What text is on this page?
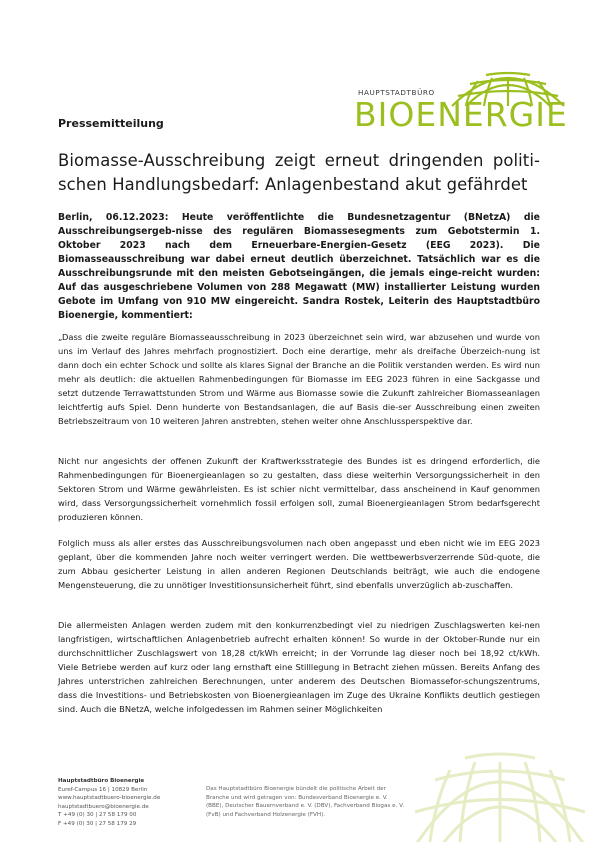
HAUPTSTADTBÜRO
BIOENERGIE
Pressemitteilung
Biomasse-Ausschreibung zeigt erneut dringenden politi-schen Handlungsbedarf: Anlagenbestand akut gefährdet
Berlin, 06.12.2023: Heute veröffentlichte die Bundesnetzagentur (BNetzA) die Ausschreibungsergeb-nisse des regulären Biomassesegments zum Gebotstermin 1. Oktober 2023 nach dem Erneuerbare-Energien-Gesetz (EEG 2023). Die Biomasseausschreibung war dabei erneut deutlich überzeichnet. Tatsächlich war es die Ausschreibungsrunde mit den meisten Gebotseingängen, die jemals einge-reicht wurden: Auf das ausgeschriebene Volumen von 288 Megawatt (MW) installierter Leistung wurden Gebote im Umfang von 910 MW eingereicht. Sandra Rostek, Leiterin des Hauptstadtbüro Bioenergie, kommentiert:

„Dass die zweite reguläre Biomasseausschreibung in 2023 überzeichnet sein wird, war abzusehen und wurde von uns im Verlauf des Jahres mehrfach prognostiziert. Doch eine derartige, mehr als dreifache Überzeich-nung ist dann doch ein echter Schock und sollte als klares Signal der Branche an die Politik verstanden werden. Es wird nun mehr als deutlich: die aktuellen Rahmenbedingungen für Biomasse im EEG 2023 führen in eine Sackgasse und setzt dutzende Terrawattstunden Strom und Wärme aus Biomasse sowie die Zukunft zahlreicher Biomasseanlagen leichtfertig aufs Spiel. Denn hunderte von Bestandsanlagen, die auf Basis die-ser Ausschreibung einen zweiten Betriebszeitraum von 10 weiteren Jahren anstrebten, stehen weiter ohne Anschlussperspektive dar.

Nicht nur angesichts der offenen Zukunft der Kraftwerksstrategie des Bundes ist es dringend erforderlich, die Rahmenbedingungen für Bioenergieanlagen so zu gestalten, dass diese weiterhin Versorgungssicherheit in den Sektoren Strom und Wärme gewährleisten. Es ist schier nicht vermittelbar, dass anscheinend in Kauf genommen wird, dass Versorgungssicherheit vornehmlich fossil erfolgen soll, zumal Bioenergieanlagen Strom bedarfsgerecht produzieren können.

Folglich muss als aller erstes das Ausschreibungsvolumen nach oben angepasst und eben nicht wie im EEG 2023 geplant, über die kommenden Jahre noch weiter verringert werden. Die wettbewerbsverzerrende Süd-quote, die zum Abbau gesicherter Leistung in allen anderen Regionen Deutschlands beiträgt, wie auch die endogene Mengensteuerung, die zu unnötiger Investitionsunsicherheit führt, sind ebenfalls unverzüglich ab-zuschaffen.

Die allermeisten Anlagen werden zudem mit den konkurrenzbedingt viel zu niedrigen Zuschlagswerten kei-nen langfristigen, wirtschaftlichen Anlagenbetrieb aufrecht erhalten können! So wurde in der Oktober-Runde nur ein durchschnittlicher Zuschlagswert von 18,28 ct/kWh erreicht; in der Vorrunde lag dieser noch bei 18,92 ct/kWh. Viele Betriebe werden auf kurz oder lang ernsthaft eine Stilllegung in Betracht ziehen müssen. Bereits Anfang des Jahres unterstrichen zahlreichen Berechnungen, unter anderem des Deutschen Biomassefor-schungszentrums, dass die Investitions- und Betriebskosten von Bioenergieanlagen im Zuge des Ukraine Konflikts deutlich gestiegen sind. Auch die BNetzA, welche infolgedessen im Rahmen seiner Möglichkeiten

Hauptstadtbüro Bioenergie
Euref-Campus 16 | 10829 Berlin
www.hauptstadtbuero-bioenergie.de
hauptstadtbuero@bioenergie.de
T +49 (0) 30 | 27 58 179 00
F +49 (0) 30 | 27 58 179 29
Das Hauptstadtbüro Bioenergie bündelt die politische Arbeit der Branche und wird getragen von: Bundesverband Bioenergie e. V. (BBE), Deutscher Bauernverband e. V. (DBV), Fachverband Biogas e. V. (FvB) und Fachverband Holzenergie (FVH).
